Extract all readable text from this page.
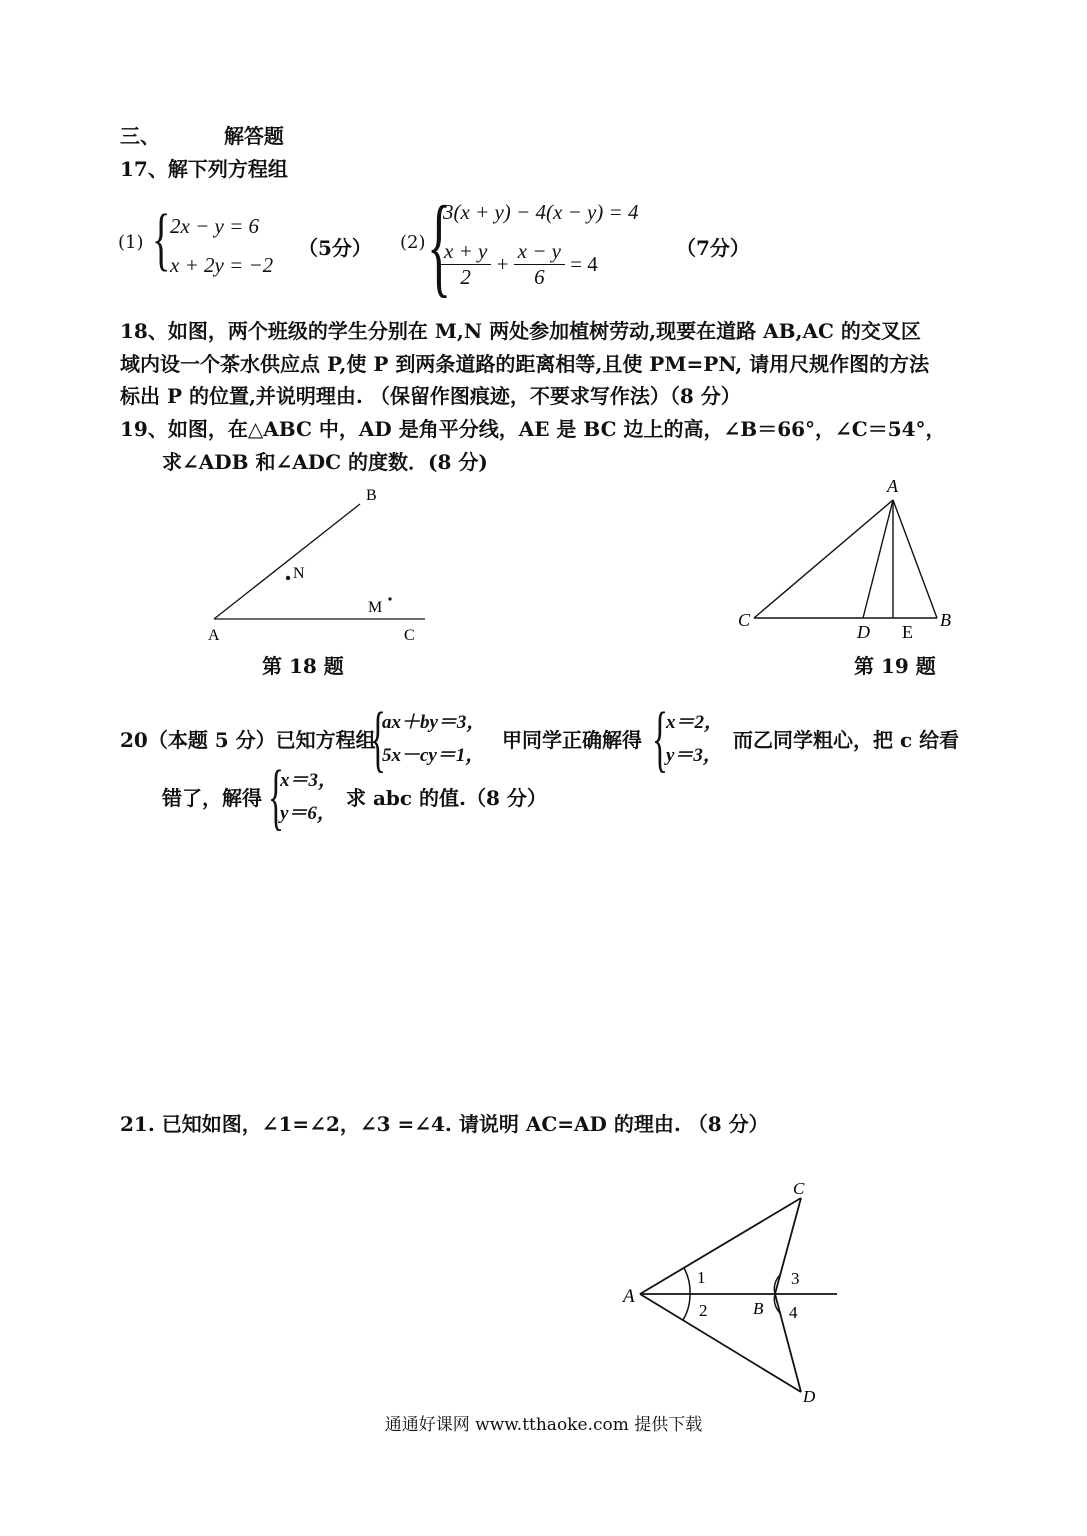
三、	解答题
17、解下列方程组
(1) { 2x − y = 6
x + 2y = −2
（5分） (2) {
3(x + y) − 4(x − y) = 4
$\frac{x + y}{2} + \frac{x - y}{6} = 4$
（7分）
18、如图，两个班级的学生分别在 M,N 两处参加植树劳动,现要在道路 AB,AC 的交叉区
域内设一个茶水供应点 P,使 P 到两条道路的距离相等,且使 PM=PN, 请用尺规作图的方法
标出 P 的位置,并说明理由. （保留作图痕迹，不要求写作法）（8 分）
19、如图，在△ABC 中，AD 是角平分线，AE 是 BC 边上的高，∠B＝66°，∠C＝54°，
求∠ADB 和∠ADC 的度数．(8 分)
B
N
M
A	C
第 18 题
A
C	B
D E
第 19 题
20（本题 5 分）已知方程组
{
ax＋by＝3，
5x－cy＝1，
甲同学正确解得 {
x＝2，
y＝3，
而乙同学粗心，把 c 给看
错了，解得 {
x＝3，
y＝6，
求 abc 的值.（8 分）
21. 已知如图，∠1=∠2，∠3 =∠4. 请说明 AC=AD 的理由. （8 分）
A
C
D
B
1
2
3
4
通通好课网 www.tthaoke.com 提供下载
